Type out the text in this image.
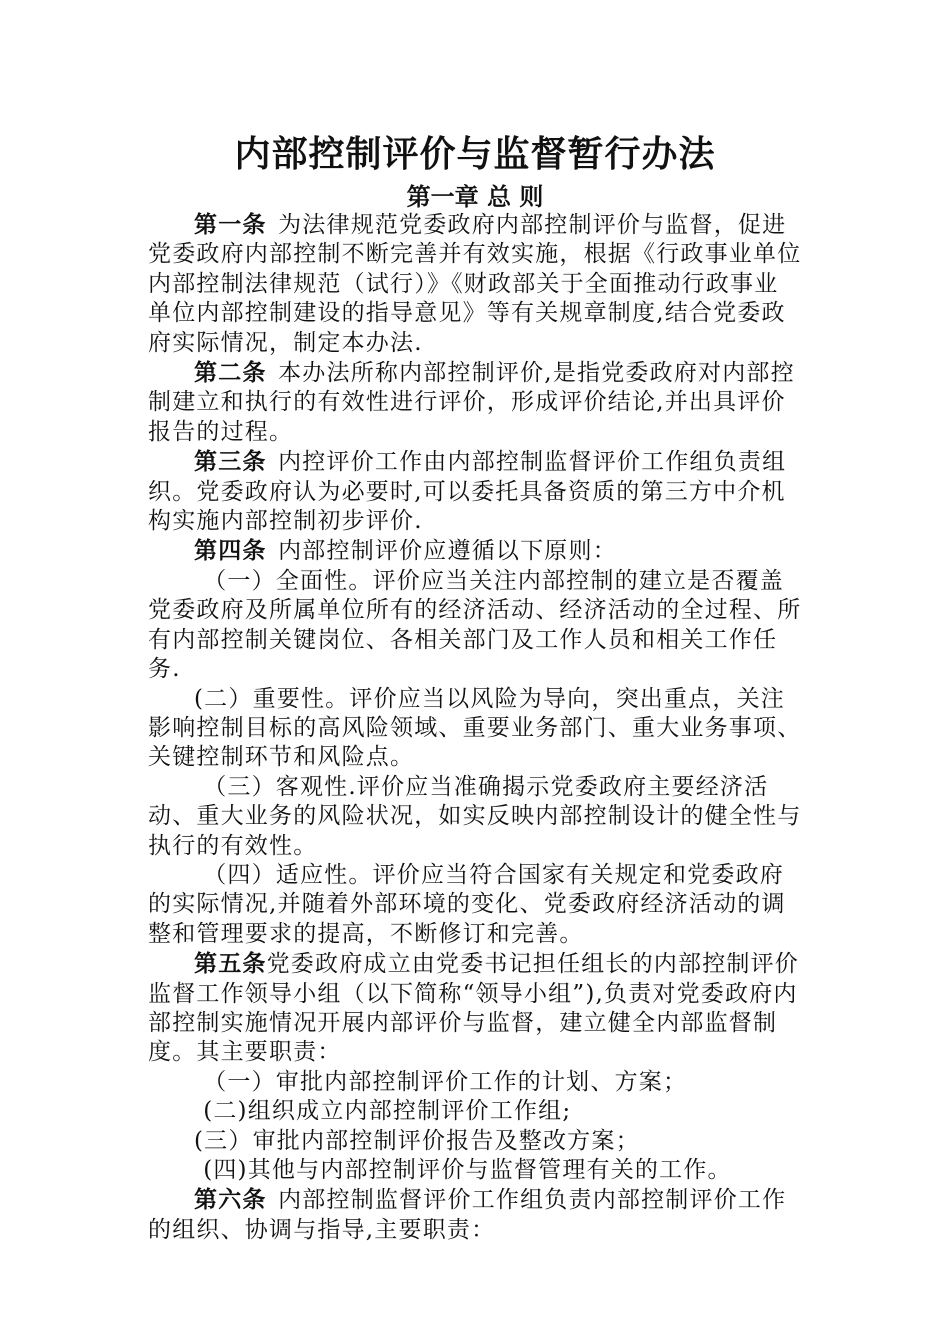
内部控制评价与监督暂行办法
第一章 总 则

第一条 为法律规范党委政府内部控制评价与监督，促进党委政府内部控制不断完善并有效实施，根据《行政事业单位内部控制法律规范（试行）》《财政部关于全面推动行政事业单位内部控制建设的指导意见》等有关规章制度,结合党委政府实际情况，制定本办法.

第二条 本办法所称内部控制评价,是指党委政府对内部控制建立和执行的有效性进行评价，形成评价结论,并出具评价报告的过程。

第三条 内控评价工作由内部控制监督评价工作组负责组织。党委政府认为必要时,可以委托具备资质的第三方中介机构实施内部控制初步评价.

第四条 内部控制评价应遵循以下原则：

（一）全面性。评价应当关注内部控制的建立是否覆盖党委政府及所属单位所有的经济活动、经济活动的全过程、所有内部控制关键岗位、各相关部门及工作人员和相关工作任务.

(二）重要性。评价应当以风险为导向，突出重点，关注影响控制目标的高风险领域、重要业务部门、重大业务事项、关键控制环节和风险点。

（三）客观性.评价应当准确揭示党委政府主要经济活动、重大业务的风险状况，如实反映内部控制设计的健全性与执行的有效性。

（四）适应性。评价应当符合国家有关规定和党委政府的实际情况,并随着外部环境的变化、党委政府经济活动的调整和管理要求的提高，不断修订和完善。

第五条党委政府成立由党委书记担任组长的内部控制评价监督工作领导小组（以下简称“领导小组”),负责对党委政府内部控制实施情况开展内部评价与监督，建立健全内部监督制度。其主要职责：

（一）审批内部控制评价工作的计划、方案；

(二)组织成立内部控制评价工作组;

(三）审批内部控制评价报告及整改方案；

(四)其他与内部控制评价与监督管理有关的工作。

第六条 内部控制监督评价工作组负责内部控制评价工作的组织、协调与指导,主要职责：
